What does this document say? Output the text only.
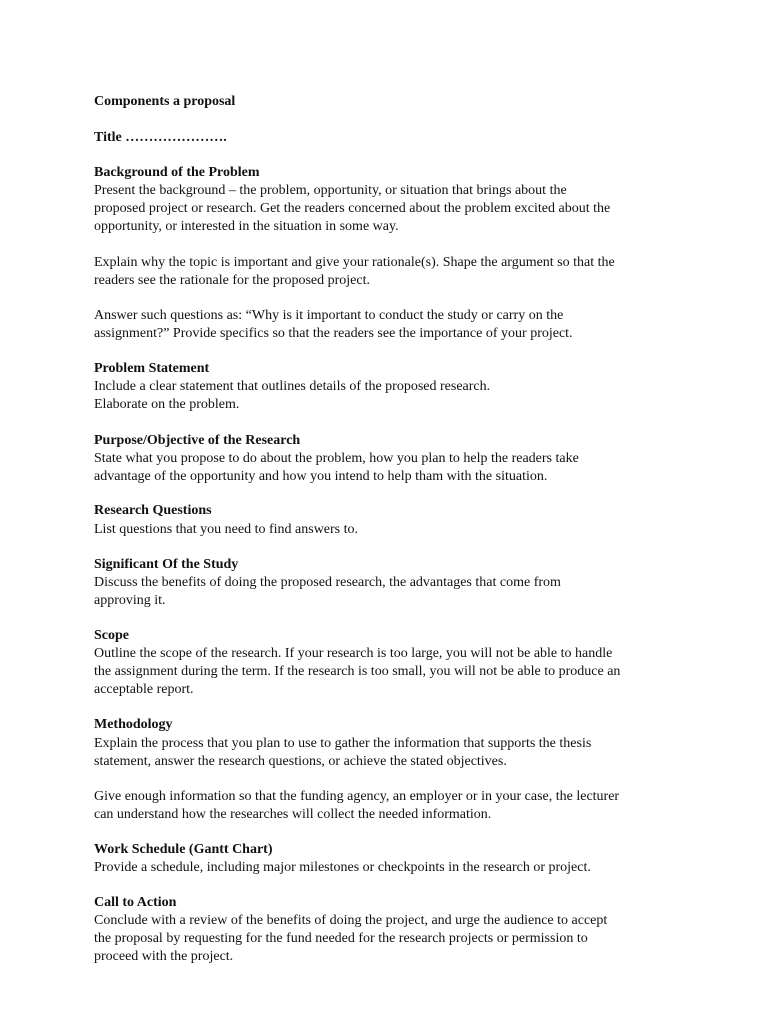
Components a proposal
Title ………………….
Background of the Problem
Present the background – the problem, opportunity, or situation that brings about the
proposed project or research. Get the readers concerned about the problem excited about the
opportunity, or interested in the situation in some way.
Explain why the topic is important and give your rationale(s). Shape the argument so that the
readers see the rationale for the proposed project.
Answer such questions as: “Why is it important to conduct the study or carry on the
assignment?” Provide specifics so that the readers see the importance of your project.
Problem Statement
Include a clear statement that outlines details of the proposed research.
Elaborate on the problem.
Purpose/Objective of the Research
State what you propose to do about the problem, how you plan to help the readers take
advantage of the opportunity and how you intend to help tham with the situation.
Research Questions
List questions that you need to find answers to.
Significant Of the Study
Discuss the benefits of doing the proposed research, the advantages that come from
approving it.
Scope
Outline the scope of the research. If your research is too large, you will not be able to handle
the assignment during the term. If the research is too small, you will not be able to produce an
acceptable report.
Methodology
Explain the process that you plan to use to gather the information that supports the thesis
statement, answer the research questions, or achieve the stated objectives.
Give enough information so that the funding agency, an employer or in your case, the lecturer
can understand how the researches will collect the needed information.
Work Schedule (Gantt Chart)
Provide a schedule, including major milestones or checkpoints in the research or project.
Call to Action
Conclude with a review of the benefits of doing the project, and urge the audience to accept
the proposal by requesting for the fund needed for the research projects or permission to
proceed with the project.
